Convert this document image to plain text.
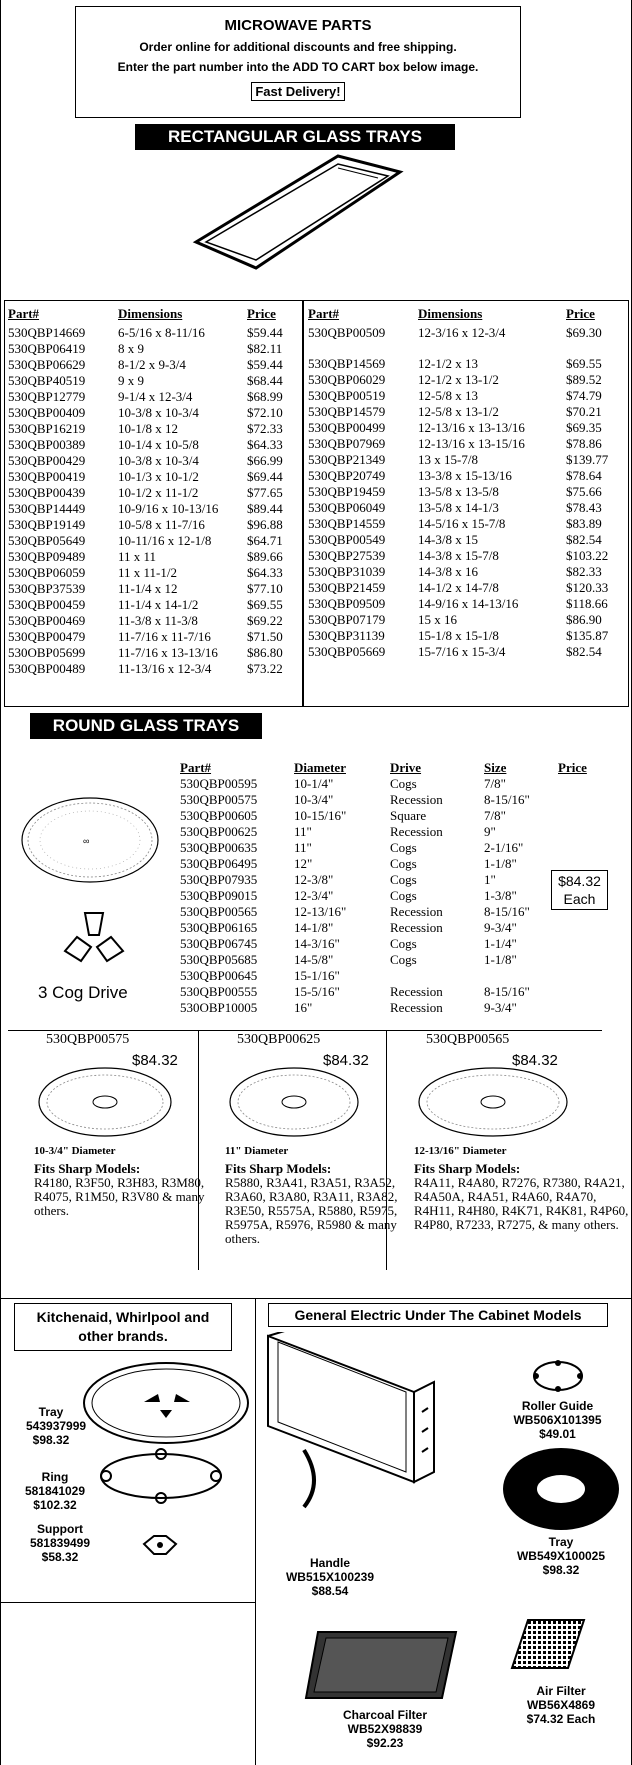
MICROWAVE PARTS
Order online for additional discounts and free shipping.
Enter the part number into the ADD TO CART box below image.
Fast Delivery!
RECTANGULAR GLASS TRAYS
Part#	Dimensions	Price
530QBP14669	6-5/16 x 8-11/16	$59.44
530QBP06419	8 x 9	$82.11
530QBP06629	8-1/2 x 9-3/4	$59.44
530QBP40519	9 x 9	$68.44
530QBP12779	9-1/4 x 12-3/4	$68.99
530QBP00409	10-3/8 x 10-3/4	$72.10
530QBP16219	10-1/8 x 12	$72.33
530QBP00389	10-1/4 x 10-5/8	$64.33
530QBP00429	10-3/8 x 10-3/4	$66.99
530QBP00419	10-1/3 x 10-1/2	$69.44
530QBP00439	10-1/2 x 11-1/2	$77.65
530QBP14449	10-9/16 x 10-13/16	$89.44
530QBP19149	10-5/8 x 11-7/16	$96.88
530QBP05649	10-11/16 x 12-1/8	$64.71
530QBP09489	11 x 11	$89.66
530QBP06059	11 x 11-1/2	$64.33
530QBP37539	11-1/4 x 12	$77.10
530QBP00459	11-1/4 x 14-1/2	$69.55
530QBP00469	11-3/8 x 11-3/8	$69.22
530QBP00479	11-7/16 x 11-7/16	$71.50
530OBP05699	11-7/16 x 13-13/16	$86.80
530QBP00489	11-13/16 x 12-3/4	$73.22
Part#	Dimensions	Price
530QBP00509	12-3/16 x 12-3/4	$69.30

530QBP14569	12-1/2 x 13	$69.55
530QBP06029	12-1/2 x 13-1/2	$89.52
530QBP00519	12-5/8 x 13	$74.79
530QBP14579	12-5/8 x 13-1/2	$70.21
530QBP00499	12-13/16 x 13-13/16	$69.35
530QBP07969	12-13/16 x 13-15/16	$78.86
530QBP21349	13 x 15-7/8	$139.77
530QBP20749	13-3/8 x 15-13/16	$78.64
530QBP19459	13-5/8 x 13-5/8	$75.66
530QBP06049	13-5/8 x 14-1/3	$78.43
530QBP14559	14-5/16 x 15-7/8	$83.89
530QBP00549	14-3/8 x 15	$82.54
530QBP27539	14-3/8 x 15-7/8	$103.22
530QBP31039	14-3/8 x 16	$82.33
530QBP21459	14-1/2 x 14-7/8	$120.33
530QBP09509	14-9/16 x 14-13/16	$118.66
530QBP07179	15 x 16	$86.90
530QBP31139	15-1/8 x 15-1/8	$135.87
530QBP05669	15-7/16 x 15-3/4	$82.54
ROUND GLASS TRAYS
∞
3 Cog Drive
Part#	Diameter	Drive	Size	Price
530QBP00595	10-1/4"	Cogs	7/8"	
530QBP00575	10-3/4"	Recession	8-15/16"	
530QBP00605	10-15/16"	Square	7/8"	
530QBP00625	11"	Recession	9"	
530QBP00635	11"	Cogs	2-1/16"	
530QBP06495	12"	Cogs	1-1/8"	
530QBP07935	12-3/8"	Cogs	1"	
530QBP09015	12-3/4"	Cogs	1-3/8"	
530QBP00565	12-13/16"	Recession	8-15/16"	
530QBP06165	14-1/8"	Recession	9-3/4"	
530QBP06745	14-3/16"	Cogs	1-1/4"	
530QBP05685	14-5/8"	Cogs	1-1/8"	
530QBP00645	15-1/16"			
530QBP00555	15-5/16"	Recession	8-15/16"	
530OBP10005	16"	Recession	9-3/4"	
$84.32
Each
530QBP00575
$84.32
10-3/4" Diameter
Fits Sharp Models:
R4180, R3F50, R3H83, R3M80, R4075, R1M50, R3V80 & many others.
530QBP00625
$84.32
11" Diameter
Fits Sharp Models:
R5880, R3A41, R3A51, R3A52, R3A60, R3A80, R3A11, R3A82, R3E50, R5575A, R5880, R5975, R5975A, R5976, R5980 & many others.
530QBP00565
$84.32
12-13/16" Diameter
Fits Sharp Models:
R4A11, R4A80, R7276, R7380, R4A21, R4A50A, R4A51, R4A60, R4A70, R4H11, R4H80, R4K71, R4K81, R4P60, R4P80, R7233, R7275, & many others.
Kitchenaid, Whirlpool and
other brands.
Tray
543937999
$98.32
Ring
581841029
$102.32
Support
581839499
$58.32
General Electric Under The Cabinet Models
Roller Guide
WB506X101395
$49.01
Tray
WB549X100025
$98.32
Handle
WB515X100239
$88.54
Charcoal Filter
WB52X98839
$92.23
Air Filter
WB56X4869
$74.32 Each
